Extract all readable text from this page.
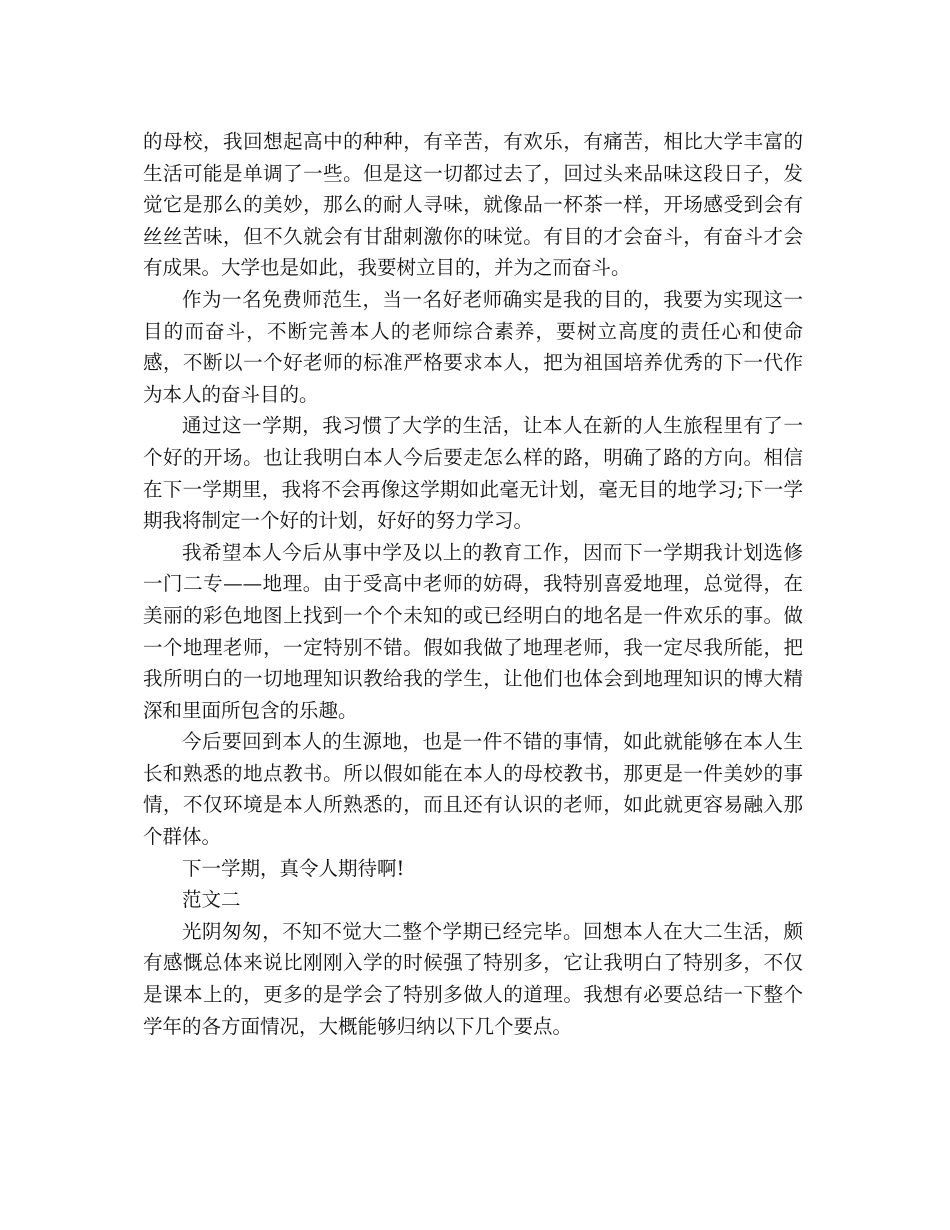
的母校，我回想起高中的种种，有辛苦，有欢乐，有痛苦，相比大学丰富的生活可能是单调了一些。但是这一切都过去了，回过头来品味这段日子，发觉它是那么的美妙，那么的耐人寻味，就像品一杯茶一样，开场感受到会有丝丝苦味，但不久就会有甘甜刺激你的味觉。有目的才会奋斗，有奋斗才会有成果。大学也是如此，我要树立目的，并为之而奋斗。

作为一名免费师范生，当一名好老师确实是我的目的，我要为实现这一目的而奋斗，不断完善本人的老师综合素养，要树立高度的责任心和使命感，不断以一个好老师的标准严格要求本人，把为祖国培养优秀的下一代作为本人的奋斗目的。

通过这一学期，我习惯了大学的生活，让本人在新的人生旅程里有了一个好的开场。也让我明白本人今后要走怎么样的路，明确了路的方向。相信在下一学期里，我将不会再像这学期如此毫无计划，毫无目的地学习;下一学期我将制定一个好的计划，好好的努力学习。

我希望本人今后从事中学及以上的教育工作，因而下一学期我计划选修一门二专——地理。由于受高中老师的妨碍，我特别喜爱地理，总觉得，在美丽的彩色地图上找到一个个未知的或已经明白的地名是一件欢乐的事。做一个地理老师，一定特别不错。假如我做了地理老师，我一定尽我所能，把我所明白的一切地理知识教给我的学生，让他们也体会到地理知识的博大精深和里面所包含的乐趣。

今后要回到本人的生源地，也是一件不错的事情，如此就能够在本人生长和熟悉的地点教书。所以假如能在本人的母校教书，那更是一件美妙的事情，不仅环境是本人所熟悉的，而且还有认识的老师，如此就更容易融入那个群体。

下一学期，真令人期待啊!

范文二

光阴匆匆，不知不觉大二整个学期已经完毕。回想本人在大二生活，颇有感慨总体来说比刚刚入学的时候强了特别多，它让我明白了特别多，不仅是课本上的，更多的是学会了特别多做人的道理。我想有必要总结一下整个学年的各方面情况，大概能够归纳以下几个要点。
